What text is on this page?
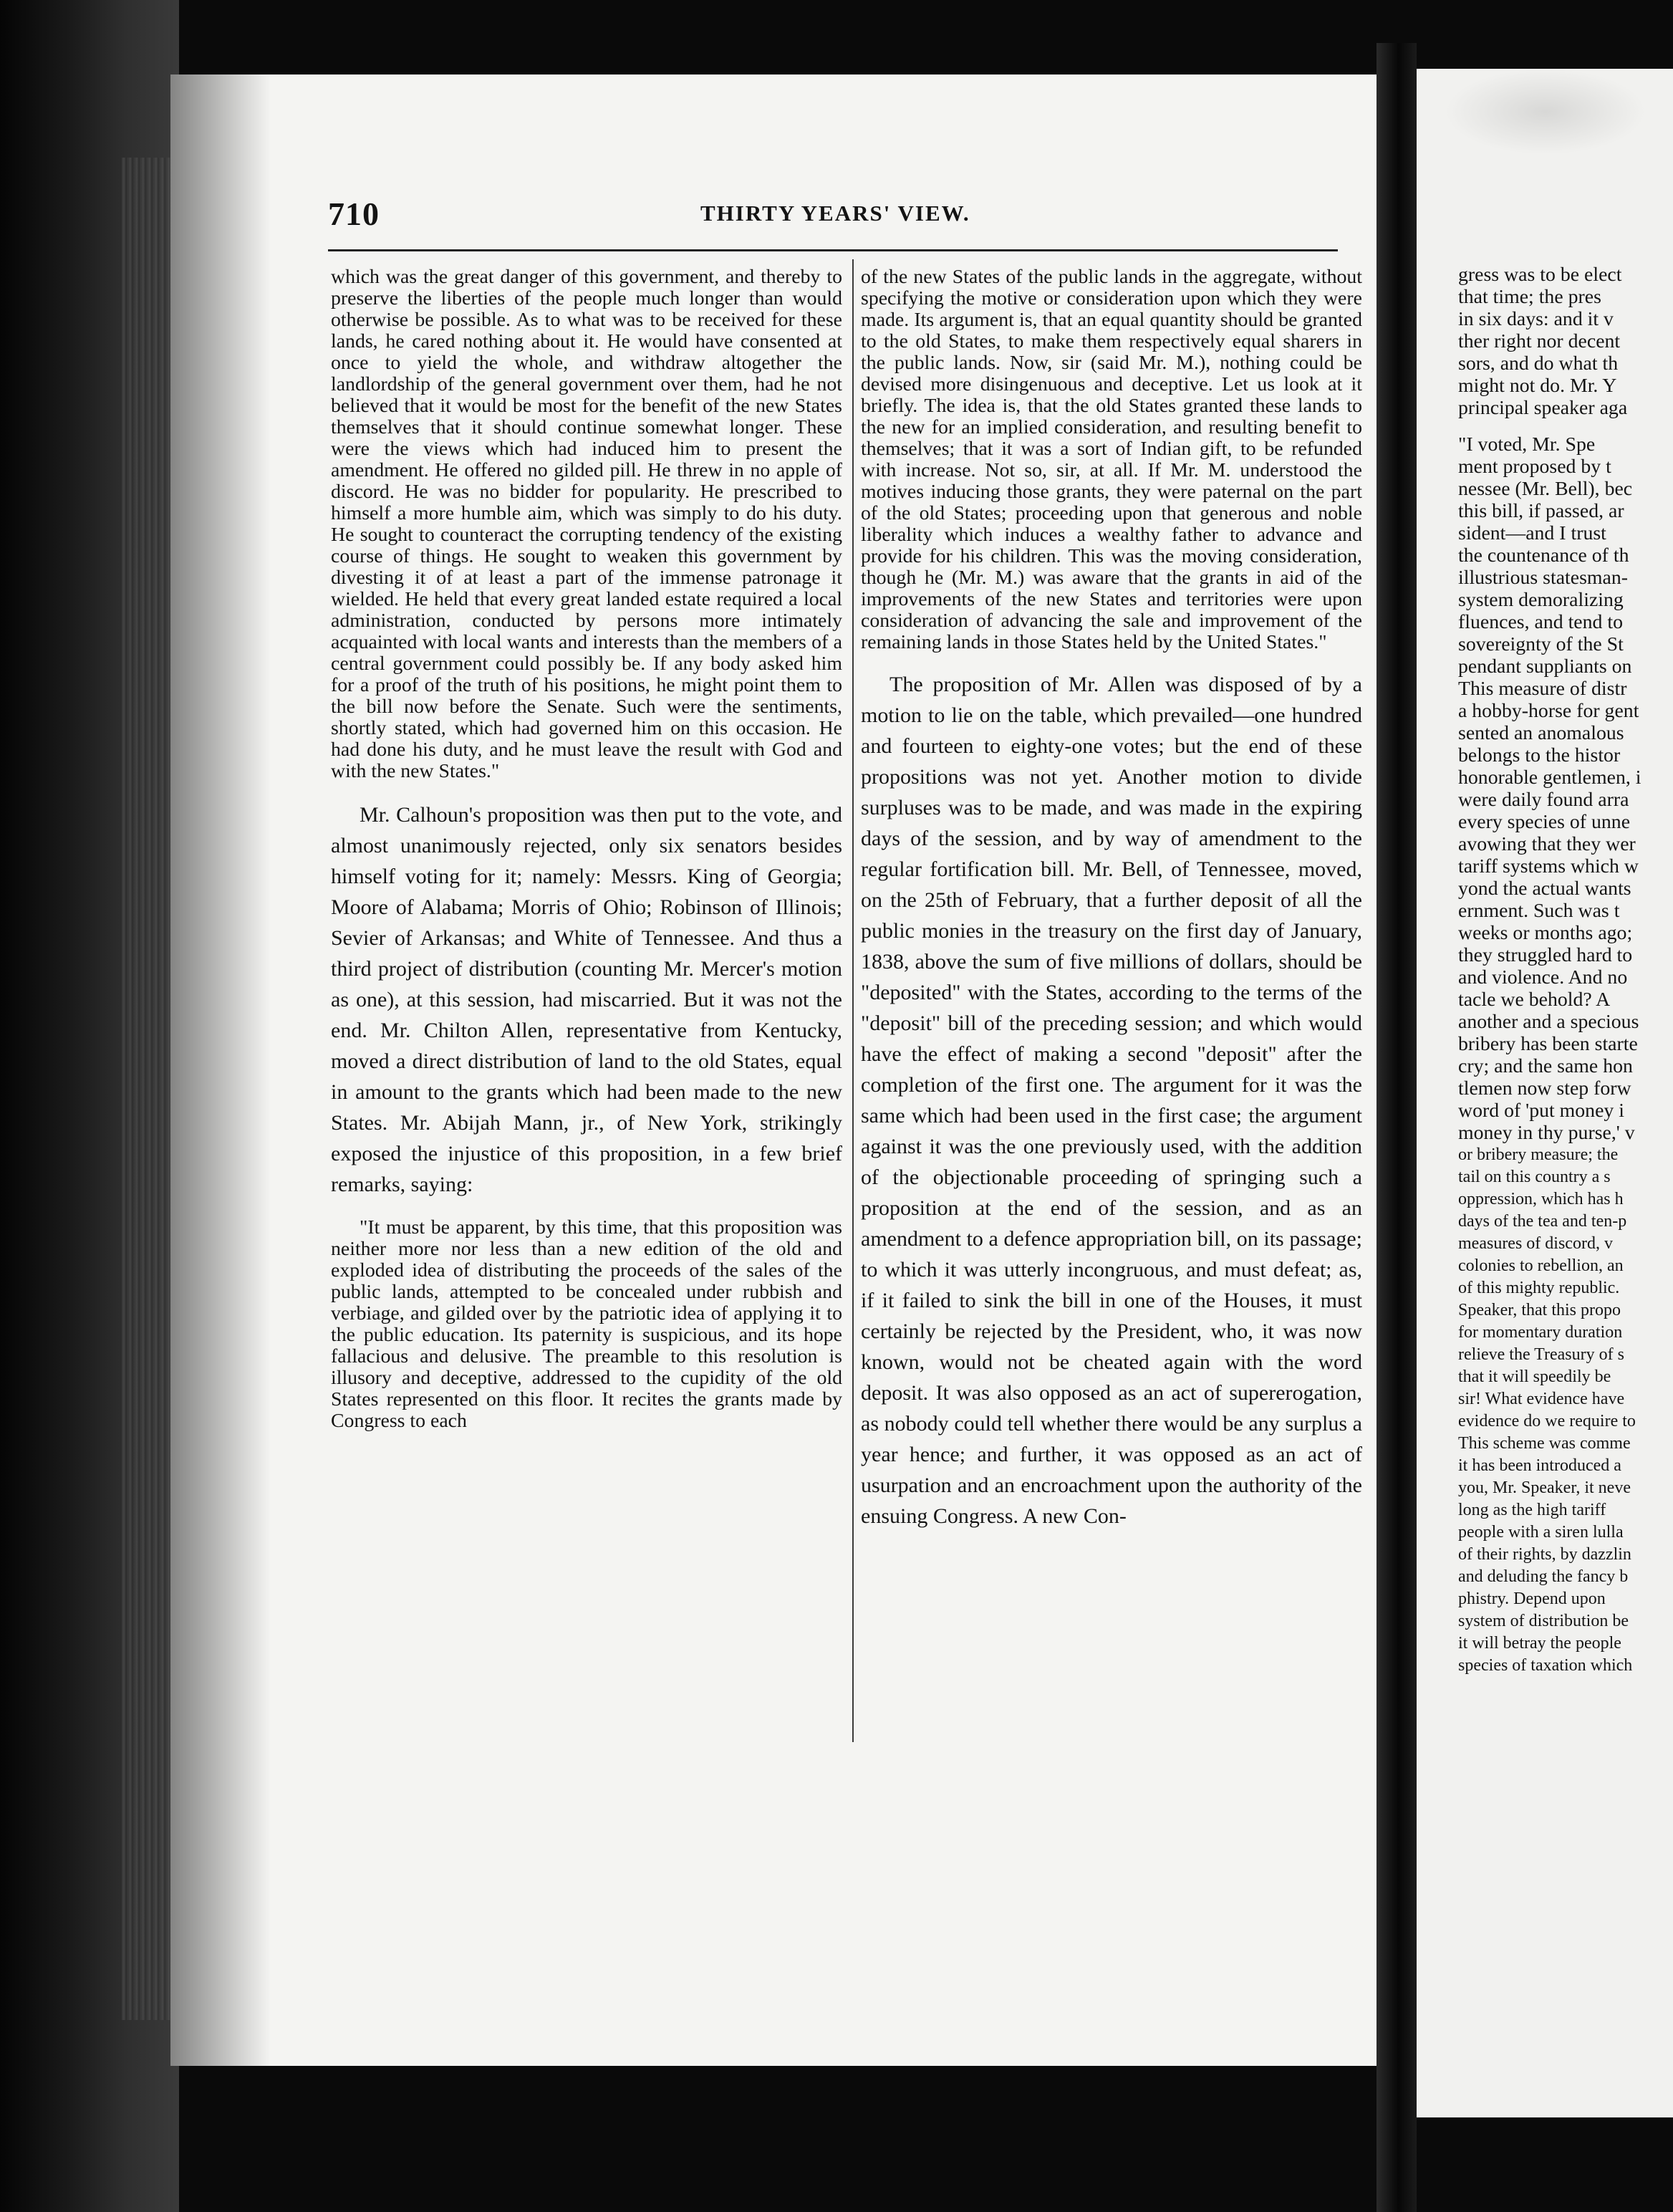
710	THIRTY YEARS' VIEW.

which was the great danger of this government, and thereby to preserve the liberties of the people much longer than would otherwise be possible. As to what was to be received for these lands, he cared nothing about it. He would have consented at once to yield the whole, and withdraw altogether the landlordship of the general government over them, had he not believed that it would be most for the benefit of the new States themselves that it should continue somewhat longer. These were the views which had induced him to present the amendment. He offered no gilded pill. He threw in no apple of discord. He was no bidder for popularity. He prescribed to himself a more humble aim, which was simply to do his duty. He sought to counteract the corrupting tendency of the existing course of things. He sought to weaken this government by divesting it of at least a part of the immense patronage it wielded. He held that every great landed estate required a local administration, conducted by persons more intimately acquainted with local wants and interests than the members of a central government could possibly be. If any body asked him for a proof of the truth of his positions, he might point them to the bill now before the Senate. Such were the sentiments, shortly stated, which had governed him on this occasion. He had done his duty, and he must leave the result with God and with the new States."

Mr. Calhoun's proposition was then put to the vote, and almost unanimously rejected, only six senators besides himself voting for it; namely: Messrs. King of Georgia; Moore of Alabama; Morris of Ohio; Robinson of Illinois; Sevier of Arkansas; and White of Tennessee. And thus a third project of distribution (counting Mr. Mercer's motion as one), at this session, had miscarried. But it was not the end. Mr. Chilton Allen, representative from Kentucky, moved a direct distribution of land to the old States, equal in amount to the grants which had been made to the new States. Mr. Abijah Mann, jr., of New York, strikingly exposed the injustice of this proposition, in a few brief remarks, saying:

"It must be apparent, by this time, that this proposition was neither more nor less than a new edition of the old and exploded idea of distributing the proceeds of the sales of the public lands, attempted to be concealed under rubbish and verbiage, and gilded over by the patriotic idea of applying it to the public education. Its paternity is suspicious, and its hope fallacious and delusive. The preamble to this resolution is illusory and deceptive, addressed to the cupidity of the old States represented on this floor. It recites the grants made by Congress to each

of the new States of the public lands in the aggregate, without specifying the motive or consideration upon which they were made. Its argument is, that an equal quantity should be granted to the old States, to make them respectively equal sharers in the public lands. Now, sir (said Mr. M.), nothing could be devised more disingenuous and deceptive. Let us look at it briefly. The idea is, that the old States granted these lands to the new for an implied consideration, and resulting benefit to themselves; that it was a sort of Indian gift, to be refunded with increase. Not so, sir, at all. If Mr. M. understood the motives inducing those grants, they were paternal on the part of the old States; proceeding upon that generous and noble liberality which induces a wealthy father to advance and provide for his children. This was the moving consideration, though he (Mr. M.) was aware that the grants in aid of the improvements of the new States and territories were upon consideration of advancing the sale and improvement of the remaining lands in those States held by the United States."

The proposition of Mr. Allen was disposed of by a motion to lie on the table, which prevailed—one hundred and fourteen to eighty-one votes; but the end of these propositions was not yet. Another motion to divide surpluses was to be made, and was made in the expiring days of the session, and by way of amendment to the regular fortification bill. Mr. Bell, of Tennessee, moved, on the 25th of February, that a further deposit of all the public monies in the treasury on the first day of January, 1838, above the sum of five millions of dollars, should be "deposited" with the States, according to the terms of the "deposit" bill of the preceding session; and which would have the effect of making a second "deposit" after the completion of the first one. The argument for it was the same which had been used in the first case; the argument against it was the one previously used, with the addition of the objectionable proceeding of springing such a proposition at the end of the session, and as an amendment to a defence appropriation bill, on its passage; to which it was utterly incongruous, and must defeat; as, if it failed to sink the bill in one of the Houses, it must certainly be rejected by the President, who, it was now known, would not be cheated again with the word deposit. It was also opposed as an act of supererogation, as nobody could tell whether there would be any surplus a year hence; and further, it was opposed as an act of usurpation and an encroachment upon the authority of the ensuing Congress. A new Con-

gress was to be elect
that time; the pres
in six days: and it v
ther right nor decent
sors, and do what th
might not do. Mr. Y
principal speaker aga
"I voted, Mr. Spe
ment proposed by t
nessee (Mr. Bell), bec
this bill, if passed, ar
sident—and I trust
the countenance of th
illustrious statesman-
system demoralizing
fluences, and tend to
sovereignty of the St
pendant suppliants on
This measure of distr
a hobby-horse for gent
sented an anomalous
belongs to the histor
honorable gentlemen, i
were daily found arra
every species of unne
avowing that they wer
tariff systems which w
yond the actual wants
ernment. Such was t
weeks or months ago;
they struggled hard to
and violence. And no
tacle we behold? A
another and a specious
bribery has been starte
cry; and the same hon
tlemen now step forw
word of 'put money i
money in thy purse,' v
or bribery measure; the
tail on this country a s
oppression, which has h
days of the tea and ten-p
measures of discord, v
colonies to rebellion, an
of this mighty republic.
Speaker, that this propo
for momentary duration
relieve the Treasury of s
that it will speedily be
sir! What evidence have
evidence do we require to
This scheme was comme
it has been introduced a
you, Mr. Speaker, it neve
long as the high tariff
people with a siren lulla
of their rights, by dazzlin
and deluding the fancy b
phistry. Depend upon
system of distribution be
it will betray the people
species of taxation which
